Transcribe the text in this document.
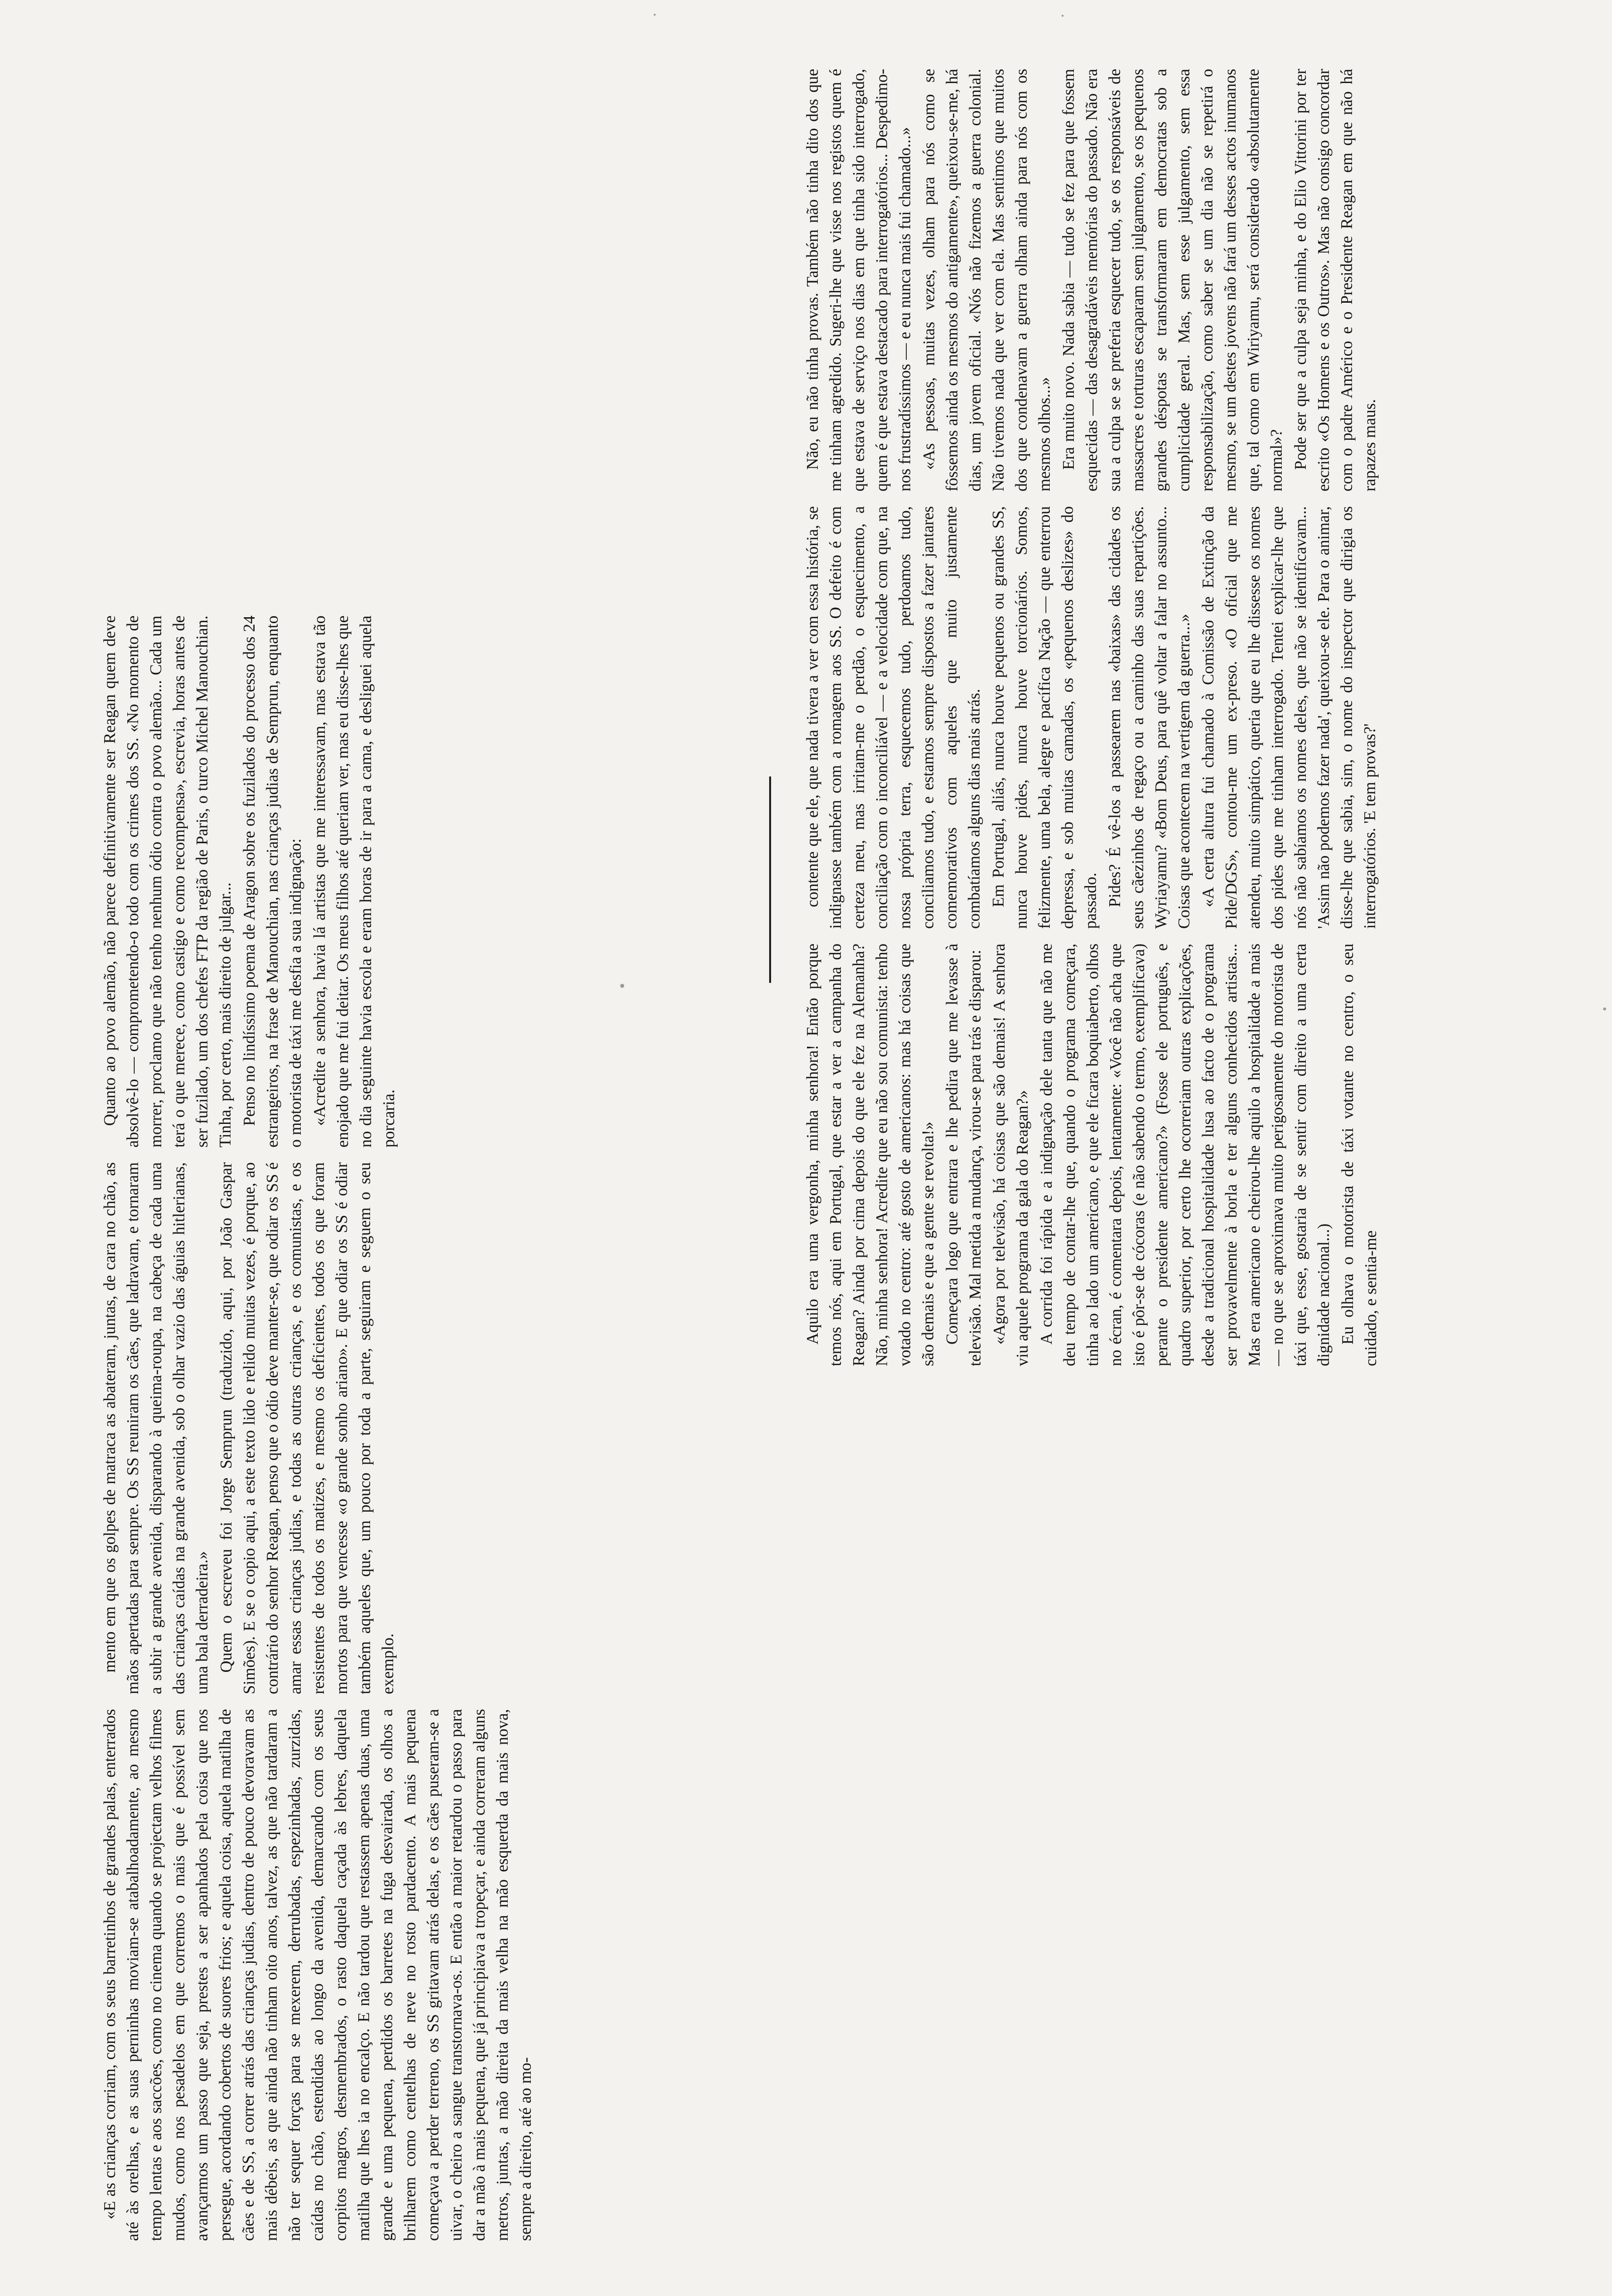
Aquilo era uma vergonha, minha senhora! Então porque temos nós, aqui em Portugal, que estar a ver a campanha do Reagan? Ainda por cima depois do que ele fez na Alemanha? Não, minha senhora! Acredite que eu não sou comunista: tenho votado no centro: até gosto de americanos: mas há coisas que são demais e que a gente se revolta!» Começara logo que entrara e lhe pedira que me levasse à televisão. Mal metida a mudança, virou-se para trás e disparou: «Agora por televisão, há coisas que são demais! A senhora viu aquele programa da gala do Reagan?» A corrida foi rápida e a indignação dele tanta que não me deu tempo de contar-lhe que, quando o programa começara, tinha ao lado um americano, e que ele ficara boquiaberto, olhos no écran, é comentara depois, lentamente: «Você não acha que isto é pôr-se de cócoras (e não sabendo o termo, exemplificava) perante o presidente americano?» (Fosse ele português, e quadro superior, por certo lhe ocorreriam outras explicações, desde a tradicional hospitalidade lusa ao facto de o programa ser provavelmente à borla e ter alguns conhecidos artistas... Mas era americano e cheirou-lhe aquilo a hospitalidade a mais — no que se aproximava muito perigosamente do motorista de táxi que, esse, gostaria de se sentir com direito a uma certa dignidade nacional...) Eu olhava o motorista de táxi votante no centro, o seu cuidado, e sentia-me

contente que ele, que nada tivera a ver com essa história, se indignasse também com a romagem aos SS. O defeito é com certeza meu, mas irritam-me o perdão, o esquecimento, a conciliação com o inconciliável — e a velocidade com que, na nossa própria terra, esquecemos tudo, perdoamos tudo, conciliamos tudo, e estamos sempre dispostos a fazer jantares comemorativos com aqueles que muito justamente combatíamos alguns dias mais atrás. Em Portugal, aliás, nunca houve pequenos ou grandes SS, nunca houve pides, nunca houve torcionários. Somos, felizmente, uma bela, alegre e pacífica Nação — que enterrou depressa, e sob muitas camadas, os «pequenos deslizes» do passado. Pides? É vê-los a passearem nas «baixas» das cidades os seus cãezinhos de regaço ou a caminho das suas repartições. Wyriayamu? «Bom Deus, para quê voltar a falar no assunto... Coisas que acontecem na vertigem da guerra...» «A certa altura fui chamado à Comissão de Extinção da Pide/DGS», contou-me um ex-preso. «O oficial que me atendeu, muito simpático, queria que eu lhe dissesse os nomes dos pides que me tinham interrogado. Tentei explicar-lhe que nós não sabíamos os nomes deles, que não se identificavam... 'Assim não podemos fazer nada', queixou-se ele. Para o animar, disse-lhe que sabia, sim, o nome do inspector que dirigia os interrogatórios. 'E tem provas?'

Não, eu não tinha provas. Também não tinha dito dos que me tinham agredido. Sugeri-lhe que visse nos registos quem é que estava de serviço nos dias em que tinha sido interrogado, quem é que estava destacado para interrogatórios... Despedimo-nos frustradíssimos — e eu nunca mais fui chamado...» «As pessoas, muitas vezes, olham para nós como se fôssemos ainda os mesmos do antigamente», queixou-se-me, há dias, um jovem oficial. «Nós não fizemos a guerra colonial. Não tivemos nada que ver com ela. Mas sentimos que muitos dos que condenavam a guerra olham ainda para nós com os mesmos olhos...» Era muito novo. Nada sabia — tudo se fez para que fossem esquecidas — das desagradáveis memórias do passado. Não era sua a culpa se se preferia esquecer tudo, se os responsáveis de massacres e torturas escaparam sem julgamento, se os pequenos grandes déspotas se transformaram em democratas sob a cumplicidade geral. Mas, sem esse julgamento, sem essa responsabilização, como saber se um dia não se repetirá o mesmo, se um destes jovens não fará um desses actos inumanos que, tal como em Wiriyamu, será considerado «absolutamente normal»? Pode ser que a culpa seja minha, e do Elio Vittorini por ter escrito «Os Homens e os Outros». Mas não consigo concordar com o padre Américo e o Presidente Reagan em que não há rapazes maus.

«E as crianças corriam, com os seus barretinhos de grandes palas, enterrados até às orelhas, e as suas perninhas moviam-se atabalhoadamente, ao mesmo tempo lentas e aos saccões, como no cinema quando se projectam velhos filmes mudos, como nos pesadelos em que corremos o mais que é possível sem avançarmos um passo que seja, prestes a ser apanhados pela coisa que nos persegue, acordando cobertos de suores frios; e aquela coisa, aquela matilha de cães e de SS, a correr atrás das crianças judias, dentro de pouco devoravam as mais débeis, as que ainda não tinham oito anos, talvez, as que não tardaram a não ter sequer forças para se mexerem, derrubadas, espezinhadas, zurzidas, caídas no chão, estendidas ao longo da avenida, demarcando com os seus corpitos magros, desmembrados, o rasto daquela caçada às lebres, daquela matilha que lhes ia no encalço. E não tardou que restassem apenas duas, uma grande e uma pequena, perdidos os barretes na fuga desvairada, os olhos a brilharem como centelhas de neve no rosto pardacento. A mais pequena começava a perder terreno, os SS gritavam atrás delas, e os cães puseram-se a uivar, o cheiro a sangue transtornava-os. E então a maior retardou o passo para dar a mão à mais pequena, que já principiava a tropeçar, e ainda correram alguns metros, juntas, a mão direita da mais velha na mão esquerda da mais nova, sempre a direito, até ao mo-

mento em que os golpes de matraca as abateram, juntas, de cara no chão, as mãos apertadas para sempre. Os SS reuniram os cães, que ladravam, e tornaram a subir a grande avenida, disparando à queima-roupa, na cabeça de cada uma das crianças caídas na grande avenida, sob o olhar vazio das águias hitlerianas, uma bala derradeira.» Quem o escreveu foi Jorge Semprun (traduzido, aqui, por João Gaspar Simões). E se o copio aqui, a este texto lido e relido muitas vezes, é porque, ao contrário do senhor Reagan, penso que o ódio deve manter-se, que odiar os SS é amar essas crianças judias, e todas as outras crianças, e os comunistas, e os resistentes de todos os matizes, e mesmo os deficientes, todos os que foram mortos para que vencesse «o grande sonho ariano». E que odiar os SS é odiar também aqueles que, um pouco por toda a parte, seguiram e seguem o seu exemplo.

Quanto ao povo alemão, não parece definitivamente ser Reagan quem deve absolvê-lo — comprometendo-o todo com os crimes dos SS. «No momento de morrer, proclamo que não tenho nenhum ódio contra o povo alemão... Cada um terá o que merece, como castigo e como recompensa», escrevia, horas antes de ser fuzilado, um dos chefes FTP da região de Paris, o turco Michel Manouchian. Tinha, por certo, mais direito de julgar... Penso no lindíssimo poema de Aragon sobre os fuzilados do processo dos 24 estrangeiros, na frase de Manouchian, nas crianças judias de Semprun, enquanto o motorista de táxi me desfia a sua indignação: «Acredite a senhora, havia lá artistas que me interessavam, mas estava tão enojado que me fui deitar. Os meus filhos até queriam ver, mas eu disse-lhes que no dia seguinte havia escola e eram horas de ir para a cama, e desliguei aquela porcaria.
